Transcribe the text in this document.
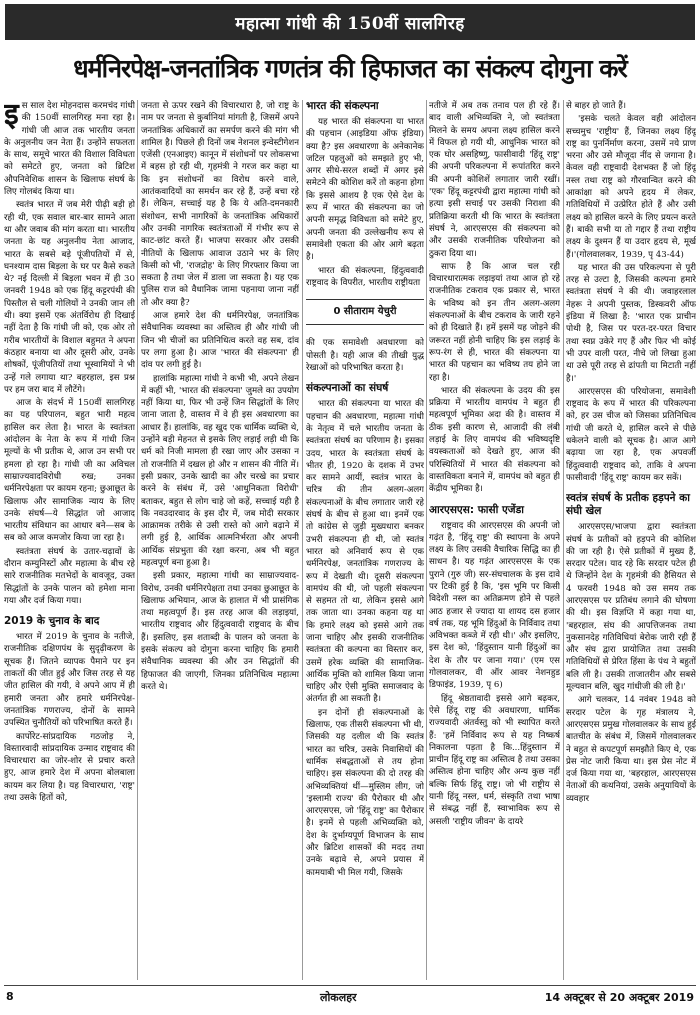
महात्मा गांधी की 150वीं सालगिरह
धर्मनिरपेक्ष-जनतांत्रिक गणतंत्र की हिफाजत का संकल्प दोगुना करें

इस साल देश मोहनदास करमचंद गांधी की 150वीं सालगिरह मना रहा है। गांधी जी आज तक भारतीय जनता के अनुलनीय जन नेता हैं। उन्होंने सफलता के साथ, समूचे भारत की विशाल विविधता को समेटते हुए, जनता को ब्रिटिश औपनिवेशिक शासन के खिलाफ संघर्ष के लिए गोलबंद किया था।

स्वतंत्र भारत में जब मेरी पीढ़ी बड़ी हो रही थी, एक सवाल बार-बार सामने आता था और जवाब की मांग करता था। भारतीय जनता के यह अनुलनीय नेता आजाद, भारत के सबसे बड़े पूंजीपतियों में से, घनश्याम दास बिड़ला के घर पर कैसे रुकते थे? नई दिल्ली में बिड़ला भवन में ही 30 जनवरी 1948 को एक हिंदू कट्टरपंथी की पिस्तौल से चली गोलियों ने उनकी जान ली थी। क्या इसमें एक अंतर्विरोध ही दिखाई नहीं देता है कि गांधी जी को, एक ओर तो गरीब भारतीयों के विशाल बहुमत ने अपना कंठहार बनाया था और दूसरी ओर, उनके शोषकों, पूंजीपतियों तथा भूस्वामियों ने भी उन्हें गले लगाया था? बहरहाल, इस प्रश्न पर हम जरा बाद में लौटेंगे।

आज के संदर्भ में 150वीं सालगिरह का यह परिपालन, बहुत भारी महत्व हासिल कर लेता है। भारत के स्वतंत्रता आंदोलन के नेता के रूप में गांधी जिन मूल्यों के भी प्रतीक थे, आज उन सभी पर हमला हो रहा है। गांधी जी का अविचल साम्राज्यवादविरोधी रुख; उनका धर्मनिरपेक्षता पर कायम रहना; छुआछूत के खिलाफ और सामाजिक न्याय के लिए उनके संघर्ष—ये सिद्धांत जो आजाद भारतीय संविधान का आधार बने—सब के सब को आज कमजोर किया जा रहा है।

स्वतंत्रता संघर्ष के उतार-चढ़ावों के दौरान कम्युनिस्टों और महात्मा के बीच रहे सारे राजनीतिक मतभेदों के बावजूद, उक्त सिद्धांतों के उनके पालन को हमेशा माना गया और दर्ज किया गया।

2019 के चुनाव के बाद

भारत में 2019 के चुनाव के नतीजे, राजनीतिक दक्षिणपंथ के सुदृढ़ीकरण के सूचक हैं। जितने व्यापक पैमाने पर इन ताकतों की जीत हुई और जिस तरह से यह जीत हासिल की गयी, वे अपने आप में ही हमारी जनता और हमारे धर्मनिरपेक्ष-जनतांत्रिक गणराज्य, दोनों के सामने उपस्थित चुनौतियों को परिभाषित करते हैं।

कार्पोरेट-सांप्रदायिक गठजोड़ ने, विस्तारवादी सांप्रदायिक उन्माद राष्ट्रवाद की विचारधारा का जोर-शोर से प्रचार करते हुए, आज हमारे देश में अपना बोलबाला कायम कर लिया है। यह विचारधारा, 'राष्ट्र' तथा उसके हितों को,

जनता से ऊपर रखने की विचारधारा है, जो राष्ट्र के नाम पर जनता से कुर्बानियां मांगती है, जिसमें अपने जनतांत्रिक अधिकारों का समर्पण करने की मांग भी शामिल है। पिछले ही दिनों जब नेशनल इन्वेस्टीगेशन एजेंसी (एनआइए) कानून में संशोधनों पर लोकसभा में बहस हो रही थी, गृहमंत्री ने गरज कर कहा था कि इन संशोधनों का विरोध करने वाले, आतंकवादियों का समर्थन कर रहे हैं, उन्हें बचा रहे हैं। लेकिन, सच्चाई यह है कि ये अति-दमनकारी संशोधन, सभी नागरिकों के जनतांत्रिक अधिकारों और उनकी नागरिक स्वतंत्रताओं में गंभीर रूप से काट-छांट करते हैं। भाजपा सरकार और उसकी नीतियों के खिलाफ आवाज उठाने भर के लिए किसी को भी, 'राजद्रोह' के लिए गिरफ्तार किया जा सकता है तथा जेल में डाला जा सकता है। यह एक पुलिस राज को वैधानिक जामा पहनाया जाना नहीं तो और क्या है?

आज हमारे देश की धर्मनिरपेक्ष, जनतांत्रिक संवैधानिक व्यवस्था का अस्तित्व ही और गांधी जी जिन भी चीजों का प्रतिनिधित्व करते वह सब, दांव पर लगा हुआ है। आज 'भारत की संकल्पना' ही दांव पर लगी हुई है।

हालांकि महात्मा गांधी ने कभी भी, अपने लेखन में कहीं भी, 'भारत की संकल्पना' जुमले का उपयोग नहीं किया था, फिर भी उन्हें जिन सिद्धांतों के लिए जाना जाता है, वास्तव में वे ही इस अवधारणा का आधार हैं। हालांकि, वह खुद एक धार्मिक व्यक्ति थे, उन्होंने बड़ी मेहनत से इसके लिए लड़ाई लड़ी थी कि धर्म को निजी मामला ही रखा जाए और उसका न तो राजनीति में दखल हो और न शासन की नीति में। इसी प्रकार, उनके खादी का और चरखे का प्रचार करने के संबंध में, उसे 'आधुनिकता विरोधी' बताकर, बहुत से लोग चाहे जो कहें, सच्चाई यही है कि नवउदारवाद के इस दौर में, जब मोदी सरकार आक्रामक तरीके से उसी रास्ते को आगे बढ़ाने में लगी हुई है, आर्थिक आत्मनिर्भरता और अपनी आर्थिक संप्रभुता की रक्षा करना, अब भी बहुत महत्वपूर्ण बना हुआ है।

इसी प्रकार, महात्मा गांधी का साम्राज्यवाद-विरोध, उनकी धर्मनिरपेक्षता तथा उनका छुआछूत के खिलाफ अभियान, आज के हालात में भी प्रासंगिक तथा महत्वपूर्ण हैं। इस तरह आज की लड़ाइयां, भारतीय राष्ट्रवाद और हिंदुत्ववादी राष्ट्रवाद के बीच हैं। इसलिए, इस शताब्दी के पालन को जनता के इसके संकल्प को दोगुना करना चाहिए कि हमारी संवैधानिक व्यवस्था की और उन सिद्धांतों की हिफाजत की जाएगी, जिनका प्रतिनिधित्व महात्मा करते थे।

भारत की संकल्पना

यह भारत की संकल्पना या भारत की पहचान (आइडिया ऑफ इंडिया) क्या है? इस अवधारणा के अनेकानेक जटिल पहलुओं को समझते हुए भी, अगर सीधे-सरल शब्दों में अगर इसे समेटने की कोशिश करें तो कहना होगा कि इससे आशय है एक ऐसे देश के रूप में भारत की संकल्पना का जो अपनी समृद्ध विविधता को समेटे हुए, अपनी जनता की उल्लेखनीय रूप से समावेशी एकता की ओर आगे बढ़ता है।

भारत की संकल्पना, हिंदुत्ववादी राष्ट्रवाद के विपरीत, भारतीय राष्ट्रीयता

0 सीताराम येचुरी

की एक समावेशी अवधारणा को पोसती है। यही आज की तीखी युद्ध रेखाओं को परिभाषित करता है।

संकल्पनाओं का संघर्ष

भारत की संकल्पना या भारत की पहचान की अवधारणा, महात्मा गांधी के नेतृत्व में चले भारतीय जनता के स्वतंत्रता संघर्ष का परिणाम है। इसका उदय, भारत के स्वतंत्रता संघर्ष के भीतर ही, 1920 के दशक में उभर कर सामने आयीं, स्वतंत्र भारत के चरित्र की तीन अलग-अलग संकल्पनाओं के बीच लगातार जारी रहे संघर्ष के बीच से हुआ था। इनमें एक तो कांग्रेस से जुड़ी मुख्यधारा बनकर उभरी संकल्पना ही थी, जो स्वतंत्र भारत को अनिवार्य रूप से एक धर्मनिरपेक्ष, जनतांत्रिक गणराज्य के रूप में देखती थी। दूसरी संकल्पना वामपंथ की थी, जो पहली संकल्पना से सहमत तो था, लेकिन इससे आगे तक जाता था। उनका कहना यह था कि हमारे लक्ष्य को इससे आगे तक जाना चाहिए और इसकी राजनीतिक स्वतंत्रता की कल्पना का विस्तार कर, उसमें हरेक व्यक्ति की सामाजिक-आर्थिक मुक्ति को शामिल किया जाना चाहिए और ऐसी मुक्ति समाजवाद के अंतर्गत ही आ सकती है।

इन दोनों ही संकल्पनाओं के खिलाफ, एक तीसरी संकल्पना भी थी, जिसकी यह दलील थी कि स्वतंत्र भारत का चरित्र, उसके निवासियों की धार्मिक संबद्धताओं से तय होना चाहिए। इस संकल्पना की दो तरह की अभिव्यक्तियां थीं—मुस्लिम लीग, जो 'इस्लामी राज्य' की पैरोकार थी और आरएसएस, जो 'हिंदू राष्ट्र' का पैरोकार है। इनमें से पहली अभिव्यक्ति को, देश के दुर्भाग्यपूर्ण विभाजन के साथ और ब्रिटिश शासकों की मदद तथा उनके बढ़ावे से, अपने प्रयास में कामयाबी भी मिल गयी, जिसके

नतीजे में अब तक तनाव पल ही रहे हैं। बाद वाली अभिव्यक्ति ने, जो स्वतंत्रता मिलने के समय अपना लक्ष्य हासिल करने में विफल हो गयी थी, आधुनिक भारत को एक घोर असहिष्णु, फासीवादी 'हिंदू राष्ट्र' की अपनी परिकल्पना में रूपांतरित करने की अपनी कोशिशें लगातार जारी रखीं। 'एक' हिंदू कट्टरपंथी द्वारा महात्मा गांधी को हत्या इसी सचाई पर उसकी निराशा की प्रतिक्रिया करती थी कि भारत के स्वतंत्रता संघर्ष ने, आरएसएस की संकल्पना को और उसकी राजनीतिक परियोजना को ठुकरा दिया था।

साफ है कि आज चल रही विचारधारात्मक लड़ाइयां तथा आज हो रहे राजनीतिक टकराव एक प्रकार से, भारत के भविष्य को इन तीन अलग-अलग संकल्पनाओं के बीच टकराव के जारी रहने को ही दिखाते हैं। हमें इसमें यह जोड़ने की जरूरत नहीं होनी चाहिए कि इस लड़ाई के रूप-रंग से ही, भारत की संकल्पना या भारत की पहचान का भविष्य तय होने जा रहा है।

भारत की संकल्पना के उदय की इस प्रक्रिया में भारतीय वामपंथ ने बहुत ही महत्वपूर्ण भूमिका अदा की है। वास्तव में ठीक इसी कारण से, आजादी की लंबी लड़ाई के लिए वामपंथ की भविष्यदृष्टि वयस्कताओं को देखते हुए, आज की परिस्थितियों में भारत की संकल्पना को वास्तविकता बनाने में, वामपंथ को बहुत ही केंद्रीय भूमिका है।

आरएसएस: फासी एजेंडा

राष्ट्रवाद की आरएसएस की अपनी जो गढ़ंत है, 'हिंदू राष्ट्र' की स्थापना के अपने लक्ष्य के लिए उसकी वैचारिक सिद्धि का ही साधन है। यह गढ़ंत आरएसएस के एक पुराने (गुरु जी) सर-संघचालक के इस दावे पर टिकी हुई है कि, 'इस भूमि पर किसी विदेशी नस्ल का अतिक्रमण होने से पहले आठ हजार से ज्यादा या शायद दस हजार वर्ष तक, यह भूमि हिंदुओं के निर्विवाद तथा अविभक्त कब्जे में रही थी।' और इसलिए, इस देश को, 'हिंदुस्तान यानी हिंदुओं का देश के तौर पर जाना गया।' (एम एस गोलवालकर, वी ऑर आवर नेशनहुड डिफाइंड, 1939, पृ 6)

हिंदू श्रेष्ठतावादी इससे आगे बढ़कर, ऐसे हिंदू राष्ट्र की अवधारणा, धार्मिक राज्यवादी अंतर्वस्तु को भी स्थापित करते हैं: 'हमें निर्विवाद रूप से यह निष्कर्ष निकालना पड़ता है कि...हिंदुस्तान में प्राचीन हिंदू राष्ट्र का अस्तित्व है तथा उसका अस्तित्व होना चाहिए और अन्य कुछ नहीं बल्कि सिर्फ हिंदू राष्ट्र। जो भी राष्ट्रीय से यानी हिंदू नस्ल, धर्म, संस्कृति तथा भाषा से संबद्ध नहीं हैं, स्वाभाविक रूप से असली 'राष्ट्रीय जीवन' के दायरे

से बाहर हो जाते हैं।

'इसके चलते केवल वही आंदोलन सच्चमुच 'राष्ट्रीय' हैं, जिनका लक्ष्य हिंदू राष्ट्र का पुनर्निर्माण करना, उसमें नये प्राण भरना और उसे मौजूदा नींद से जगाना है। केवल वही राष्ट्रवादी देशभक्त हैं जो हिंदू नस्ल तथा राष्ट्र को गौरवान्वित करने की आकांक्षा को अपने हृदय में लेकर, गतिविधियों में उत्प्रेरित होते हैं और उसी लक्ष्य को हासिल करने के लिए प्रयत्न करते हैं। बाकी सभी या तो गद्दार हैं तथा राष्ट्रीय लक्ष्य के दुश्मन हैं या उदार हृदय से, मूर्ख हैं।'(गोलवालकर, 1939, पृ 43-44)

यह भारत की उस परिकल्पना से पूरी तरह से उल्टा है, जिसकी कल्पना हमारे स्वतंत्रता संघर्ष ने की थी। जवाहरलाल नेहरू ने अपनी पुस्तक, डिस्कवरी ऑफ इंडिया में लिखा है: 'भारत एक प्राचीन पोथी है, जिस पर परत-दर-परत विचार तथा स्वप्न उकेरे गए हैं और फिर भी कोई भी उपर वाली परत, नीचे जो लिखा हुआ था उसे पूरी तरह से ढांपती या मिटाती नहीं है।'

आरएसएस की परियोजना, समावेशी राष्ट्रवाद के रूप में भारत की परिकल्पना को, हर उस चीज को जिसका प्रतिनिधित्व गांधी जी करते थे, हासिल करने से पीछे धकेलने वाली को सूचक है। आज आगे बढ़ाया जा रहा है, एक अपवर्जी हिंदुत्ववादी राष्ट्रवाद को, ताकि वे अपना फासीवादी 'हिंदू राष्ट्र' कायम कर सकें।

स्वतंत्र संघर्ष के प्रतीक हड़पने का संघी खेल

आरएसएस/भाजपा द्वारा स्वतंत्रता संघर्ष के प्रतीकों को हड़पने की कोशिश की जा रही है। ऐसे प्रतीकों में मुख्य हैं, सरदार पटेल। याद रहे कि सरदार पटेल ही थे जिन्होंने देश के गृहमंत्री की हैसियत से 4 फरवरी 1948 को उस समय तक आरएसएस पर प्रतिबंध लगाने की घोषणा की थी। इस विज्ञप्ति में कहा गया था, 'बहरहाल, संघ की आपत्तिजनक तथा नुकसानदेह गतिविधियां बेरोक जारी रही हैं और संघ द्वारा प्रायोजित तथा उसकी गतिविधियों से प्रेरित हिंसा के पंथ ने बहुतों बलि ली है। उसकी ताजातरीन और सबसे मूल्यवान बलि, खुद गांधीजी की ली है।'

आगे चलकर, 14 नवंबर 1948 को सरदार पटेल के गृह मंत्रालय ने, आरएसएस प्रमुख गोलवालकर के साथ हुई बातचीत के संबंध में, जिसमें गोलवालकर ने बहुत से कपटपूर्ण समझौते किए थे, एक प्रेस नोट जारी किया था। इस प्रेस नोट में दर्ज किया गया था, 'बहरहाल, आरएसएस नेताओं की कथनियां, उसके अनुयायियों के व्यवहार

8	लोकलहर	14 अक्टूबर से 20 अक्टूबर 2019
